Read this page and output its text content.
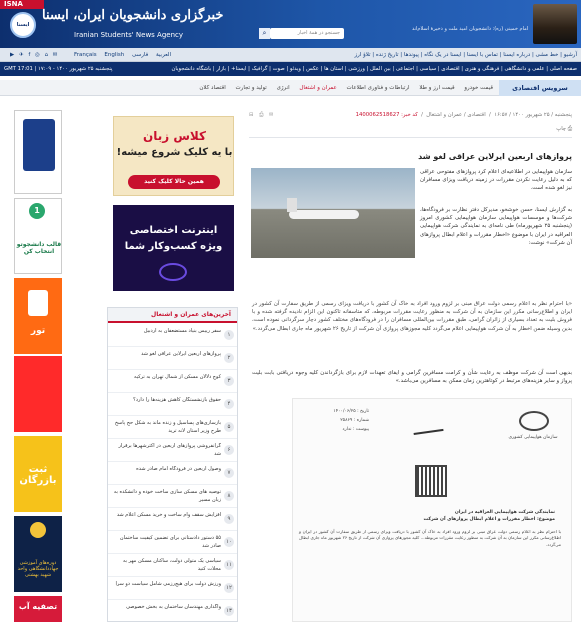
ISNA
ایسنا
خبرگزاری دانشجویان ایران، ایسنا
Iranian Students' News Agency	⌕	جستجو در همهٔ اخبار
امام خمینی (ره): دانشجویان امید ملت و ذخیرهٔ اسلام‌اند
▶ ✈ f ◎ ⌂ ✉	Français English	العربیة فارسی	آرشیو | خط مشی | درباره ایسنا | تماس با ایسنا | ایسنا در یک نگاه | پیوندها | تاریخ ژنده | تلاؤ ارز
GMT 17:01 | پنجشنبه ۲۵ شهریور ۱۴۰۰ - ۱۷:۰۹	صفحه اصلی | علمی و دانشگاهی | فرهنگی و هنری | اقتصادی | سیاسی | اجتماعی | بین الملل | ورزشی | استان ها | عکس | ویدئو | صوت | گرافیک | ایسنا+ | بازار | باشگاه دانشجویان
سرویس اقتصادی
قیمت خودرو قیمت ارز و طلا ارتباطات و فناوری اطلاعات عمران و اشتغال انرژی تولید و تجارت اقتصاد کلان
1
قالب دانشجوتو انتخاب کن
تور
ثبت بازرگان
دوره‌های آموزشی جهاددانشگاهی واحد شهید بهشتی
تصفیه آب
کلاس زبان
با یه کلیک شروع میشه!
همین حالا کلیک کنید
اینترنت اختصاصی
ویژه کسب‌وکار شما
آخرین‌های عمران و اشتغال
۱
سفر رییس بنیاد مستضعفان به اردبیل
۲
پروازهای اربعین ایرلاین عراقی لغو شد
۳
کوچ دلالان مسکن از شمال تهران به ترکیه
۴
حقوق بازنشستگان کاهش هزینه‌ها را دارد؟
۵
بازسازی‌های پساسیل و زنده ماند به شکل حج پاسخ طرح وزیر استان لانه ترید
۶
گرانفروشی پروازهای اربعین در اکثرشهرها برقرار شد
۷
وصول اربعین در فرودگاه امام صادر شده
۸
توصیه های مسکن سازی ساخت خوده و دانشکده به زبان مسیر
۹
افزایش سقف وام ساخت و خرید مسکن اعلام شد
۱۰
۵۵ دستور دادستانی برای تضمین کیفیت ساختمان صادر شد
۱۱
سیاسی یک متولی دولت، ساکنان مسکن مهر به محلات کنید
۱۲
ورزش دولت برای هیچ‌رزمی شامل سیاست دو سرا
۱۳
واگذاری مهندسان ساختمان به بخش خصوصی
پنجشنبه / ۲۵ شهریور ۱۴۰۰ / ۱۶:۵۷  /  اقتصادی / عمران و اشتغال  /  کد خبر: 1400062518627
✉ ⎙ ⊟
⎙ چاپ
پروازهای اربعین ایرلاین عراقی لغو شد
سازمان هواپیمایی در اطلاعیه‌ای اعلام کرد پروازهای مفتوحی عراقی که به دلیل رعایت نکردن مقررات در زمینه دریافت ویزای مسافران نیز لغو شده است.
به گزارش ایسنا، حسن خوشخو، مدیرکل دفتر نظارت بر فرودگاه‌ها، شرکت‌ها و موسسات هواپیمایی سازمان هواپیمایی کشوری امروز (پنجشنبه ۲۵ شهریورماه) طی نامه‌ای به نمایندگی شرکت هواپیمایی العراقیه در ایران با موضوع «اخطار مقررات و اعلام ابطال پروازهای آن شرکت» نوشت:
«با احترام نظر به اعلام رسمی دولت عراق مبنی بر لزوم ورود افراد به خاک آن کشور با دریافت ویزای رسمی از طریق سفارت آن کشور در ایران و اطلاع‌رسانی مکرر این سازمان به آن شرکت به منظور رعایت مقررات مربوطه، که متاسفانه تاکنون این الزام نادیده گرفته شده و با فروش بلیت به تعداد بسیاری از زائران گرامی، طبق مقررات بین‌المللی مسافران را در فرودگاه‌های مختلف کشور دچار سرگردانی نموده است، بدین وسیله ضمن اخطار به آن شرکت هواپیمایی اعلام می‌گردد کلیه مجوزهای پروازی آن شرکت از تاریخ ۲۶ شهریور ماه جاری ابطال می‌گردد.»
بدیهی است آن شرکت موظف به رعایت شأن و کرامت مسافرین گرامی و ایفای تعهدات لازم برای بازگرداندن کلیه وجوه دریافتی بابت بلیت پرواز و سایر هزینه‌های مرتبط در کوتاهترین زمان ممکن به مسافرین می‌باشد.»
سازمان هواپیمایی کشوری
تاریخ : ۱۴۰۰/۰۶/۲۵
شماره : ۲۵۸۶۹
پیوست : ندارد
نمایندگی شرکت هواپیمایی العراقیه در ایران
موضوع: اخطار مقررات و اعلام ابطال پروازهای آن شرکت
با احترام نظر به اعلام رسمی دولت عراق مبنی بر لزوم ورود افراد به خاک آن کشور با دریافت ویزای رسمی از طریق سفارت آن کشور در ایران و اطلاع‌رسانی مکرر این سازمان به آن شرکت به منظور رعایت مقررات مربوطه... کلیه مجوزهای پروازی آن شرکت از تاریخ ۲۶ شهریور ماه جاری ابطال می‌گردد.
